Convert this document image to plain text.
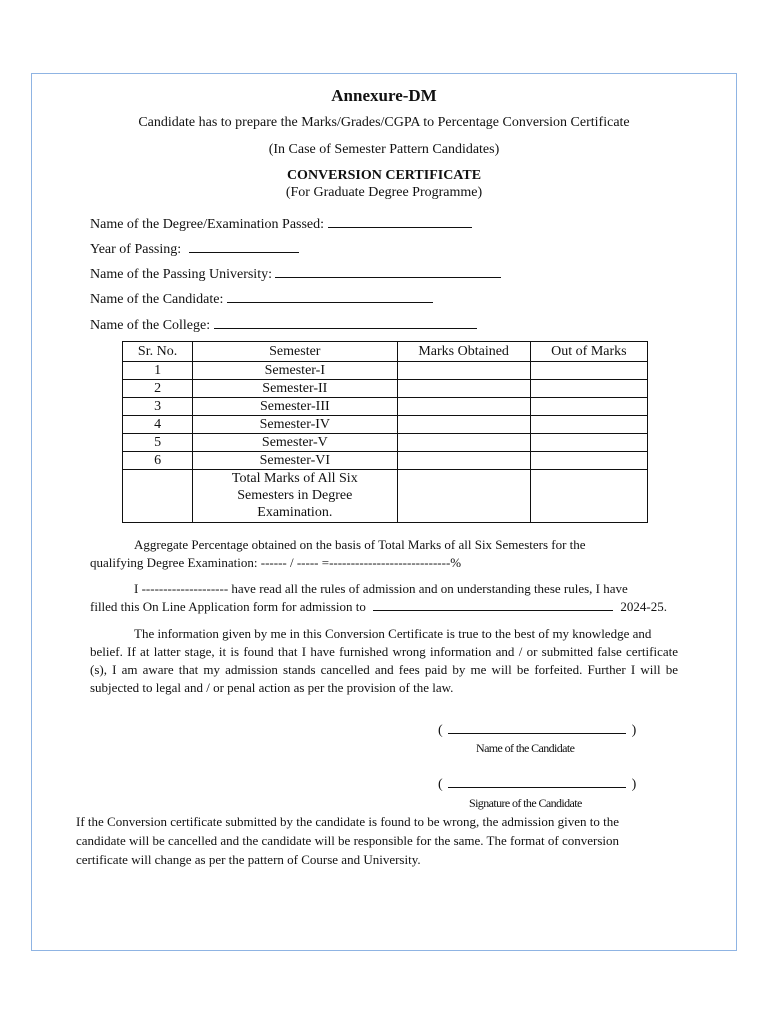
Annexure-DM
Candidate has to prepare the Marks/Grades/CGPA to Percentage Conversion Certificate
(In Case of Semester Pattern Candidates)
CONVERSION CERTIFICATE
(For Graduate Degree Programme)
Name of the Degree/Examination Passed:
Year of Passing:
Name of the Passing University:
Name of the Candidate:
Name of the College:
Sr. No.	Semester	Marks Obtained	Out of Marks
1	Semester-I		
2	Semester-II		
3	Semester-III		
4	Semester-IV		
5	Semester-V		
6	Semester-VI		

	Total Marks of All Six
Semesters in Degree
Examination.		

Aggregate Percentage obtained on the basis of Total Marks of all Six Semesters for the
qualifying Degree Examination: ------ / ----- =----------------------------%
I -------------------- have read all the rules of admission and on understanding these rules, I have
filled this On Line Application form for admission to	2024-25.
The information given by me in this Conversion Certificate is true to the best of my knowledge and
belief. If at latter stage, it is found that I have furnished wrong information and / or submitted false certificate (s), I am aware that my admission stands cancelled and fees paid by me will be forfeited. Further I will be subjected to legal and / or penal action as per the provision of the law.
(	)
Name of the Candidate
(	)
Signature of the Candidate
If the Conversion certificate submitted by the candidate is found to be wrong, the admission given to the candidate will be cancelled and the candidate will be responsible for the same. The format of conversion certificate will change as per the pattern of Course and University.
